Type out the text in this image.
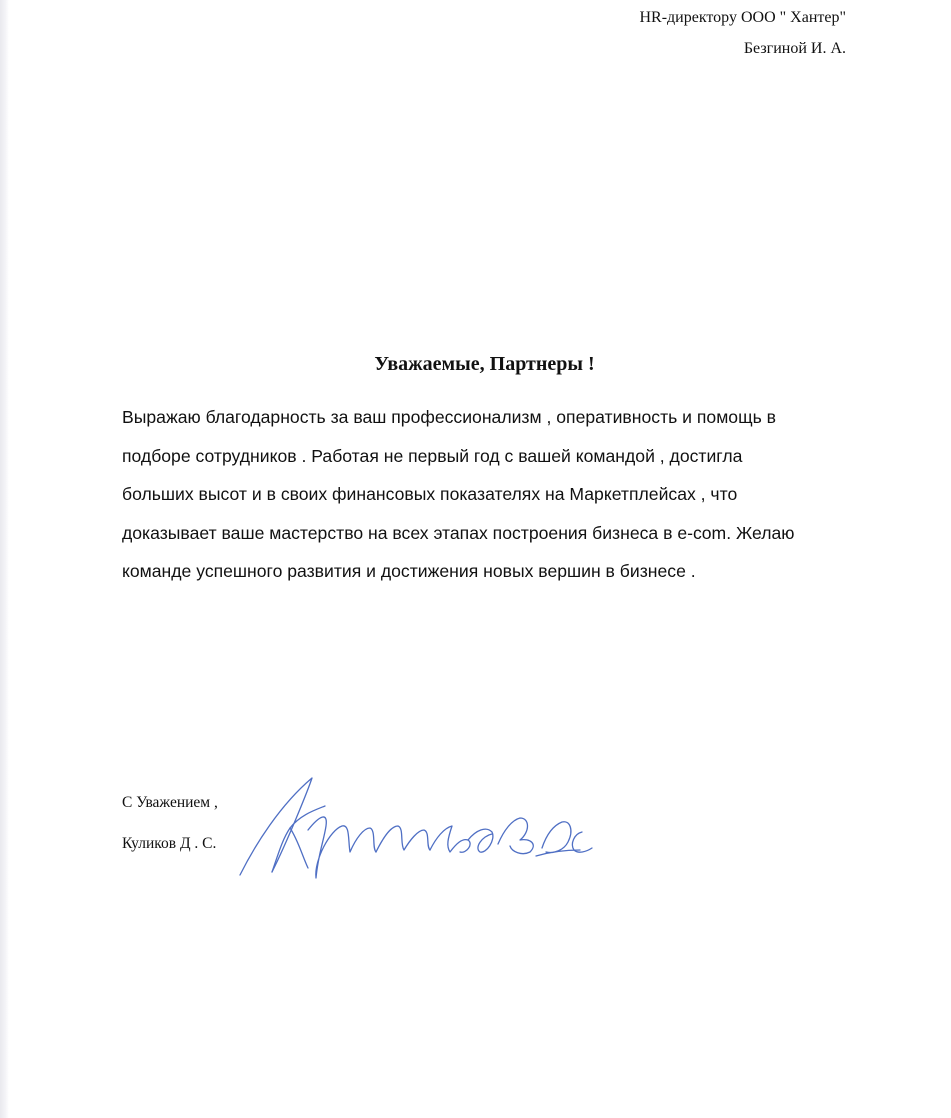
HR-директору ООО " Хантер"
Безгиной И. А.
Уважаемые, Партнеры !
Выражаю благодарность за ваш профессионализм , оперативность и помощь в
подборе сотрудников . Работая не первый год с вашей командой , достигла
больших высот и в своих финансовых показателях на Маркетплейсах , что
доказывает ваше мастерство на всех этапах построения бизнеса в e-com. Желаю
команде успешного развития и достижения новых вершин в бизнесе .
С Уважением ,
Куликов Д . С.
